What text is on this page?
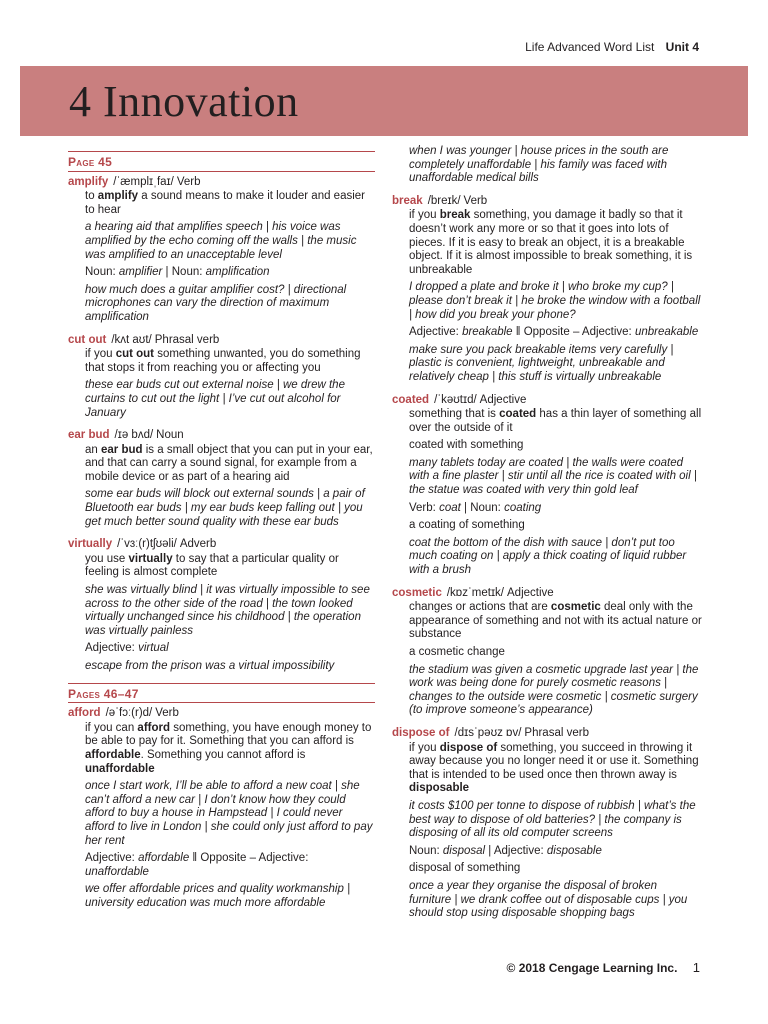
Life Advanced Word List Unit 4
4 Innovation
Page 45
amplify /ˈæmplɪˌfaɪ/ Verb

to amplify a sound means to make it louder and easier to hear

a hearing aid that amplifies speech | his voice was amplified by the echo coming off the walls | the music was amplified to an unacceptable level

Noun: amplifier | Noun: amplification

how much does a guitar amplifier cost? | directional microphones can vary the direction of maximum amplification

cut out /kʌt aʊt/ Phrasal verb

if you cut out something unwanted, you do something that stops it from reaching you or affecting you

these ear buds cut out external noise | we drew the curtains to cut out the light | I’ve cut out alcohol for January

ear bud /ɪə bʌd/ Noun

an ear bud is a small object that you can put in your ear, and that can carry a sound signal, for example from a mobile device or as part of a hearing aid

some ear buds will block out external sounds | a pair of Bluetooth ear buds | my ear buds keep falling out | you get much better sound quality with these ear buds

virtually /ˈvɜː(r)tʃʊəli/ Adverb

you use virtually to say that a particular quality or feeling is almost complete

she was virtually blind | it was virtually impossible to see across to the other side of the road | the town looked virtually unchanged since his childhood | the operation was virtually painless

Adjective: virtual

escape from the prison was a virtual impossibility

Pages 46–47
afford /əˈfɔː(r)d/ Verb

if you can afford something, you have enough money to be able to pay for it. Something that you can afford is affordable. Something you cannot afford is unaffordable

once I start work, I’ll be able to afford a new coat | she can’t afford a new car | I don’t know how they could afford to buy a house in Hampstead | I could never afford to live in London | she could only just afford to pay her rent

Adjective: affordable ‖ Opposite – Adjective: unaffordable

we offer affordable prices and quality workmanship | university education was much more affordable

when I was younger | house prices in the south are completely unaffordable | his family was faced with unaffordable medical bills

break /breɪk/ Verb

if you break something, you damage it badly so that it doesn’t work any more or so that it goes into lots of pieces. If it is easy to break an object, it is a breakable object. If it is almost impossible to break something, it is unbreakable

I dropped a plate and broke it | who broke my cup? | please don’t break it | he broke the window with a football | how did you break your phone?

Adjective: breakable ‖ Opposite – Adjective: unbreakable

make sure you pack breakable items very carefully | plastic is convenient, lightweight, unbreakable and relatively cheap | this stuff is virtually unbreakable

coated /ˈkəʊtɪd/ Adjective

something that is coated has a thin layer of something all over the outside of it

coated with something

many tablets today are coated | the walls were coated with a fine plaster | stir until all the rice is coated with oil | the statue was coated with very thin gold leaf

Verb: coat | Noun: coating

a coating of something

coat the bottom of the dish with sauce | don’t put too much coating on | apply a thick coating of liquid rubber with a brush

cosmetic /kɒzˈmetɪk/ Adjective

changes or actions that are cosmetic deal only with the appearance of something and not with its actual nature or substance

a cosmetic change

the stadium was given a cosmetic upgrade last year | the work was being done for purely cosmetic reasons | changes to the outside were cosmetic | cosmetic surgery (to improve someone’s appearance)

dispose of /dɪsˈpəʊz ɒv/ Phrasal verb

if you dispose of something, you succeed in throwing it away because you no longer need it or use it. Something that is intended to be used once then thrown away is disposable

it costs $100 per tonne to dispose of rubbish | what’s the best way to dispose of old batteries? | the company is disposing of all its old computer screens

Noun: disposal | Adjective: disposable

disposal of something

once a year they organise the disposal of broken furniture | we drank coffee out of disposable cups | you should stop using disposable shopping bags

© 2018 Cengage Learning Inc. 1
